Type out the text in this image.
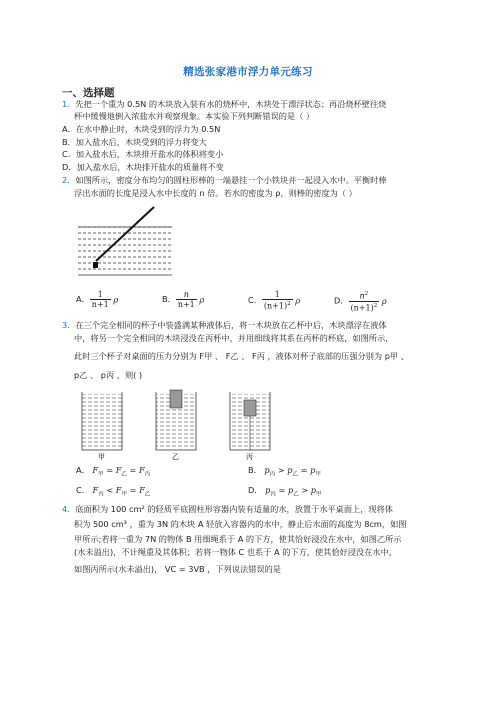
精选张家港市浮力单元练习
一、选择题
1．先把一个重为 0.5N 的木块放入装有水的烧杯中，木块处于漂浮状态；再沿烧杯壁往烧
杯中缓慢地倒入浓盐水并观察现象。本实验下列判断错误的是（ ）
A．在水中静止时，木块受到的浮力为 0.5N
B．加入盐水后，木块受到的浮力将变大
C．加入盐水后，木块排开盐水的体积将变小
D．加入盐水后，木块排开盐水的质量将不变
2．如图所示，密度分布均匀的圆柱形棒的一端悬挂一个小铁块并一起浸入水中。平衡时棒
浮出水面的长度是浸入水中长度的 n 倍。若水的密度为 ρ，则棒的密度为（ ）
A． $\frac{1}{n+1}$ ρ	B． $\frac{n}{n+1}$ ρ	C． $\frac{1}{(n+1)^2}$ ρ	D． $\frac{n^2}{(n+1)^2}$ ρ
3．在三个完全相同的杯子中装盛满某种液体后，将一木块放在乙杯中后，木块漂浮在液体
中，将另一个完全相同的木块浸没在丙杯中，并用细线将其系在丙杯的杯底，如图所示，
此时三个杯子对桌面的压力分别为 F甲 、 F乙 、 F丙 ，液体对杯子底部的压强分别为 p甲 、
p乙 、 p丙 ，则( )
甲	乙	丙
A． $F_甲 = F_乙 = F_丙$	B． $p_丙 > p_乙 = p_甲$
C． $F_丙 < F_甲 = F_乙$	D． $p_丙 = p_乙 > p_甲$
4．底面积为 100 cm² 的轻质平底圆柱形容器内装有适量的水，放置于水平桌面上，现将体
积为 500 cm³ ，重为 3N 的木块 A 轻放入容器内的水中，静止后水面的高度为 8cm，如图
甲所示;若将一重为 7N 的物体 B 用细绳系于 A 的下方，使其恰好浸没在水中，如图乙所示
(水未溢出)，不计绳重及其体积；若将一物体 C 也系于 A 的下方，使其恰好浸没在水中，
如图丙所示(水未溢出)， VC = 3VB ，下列说法错误的是
